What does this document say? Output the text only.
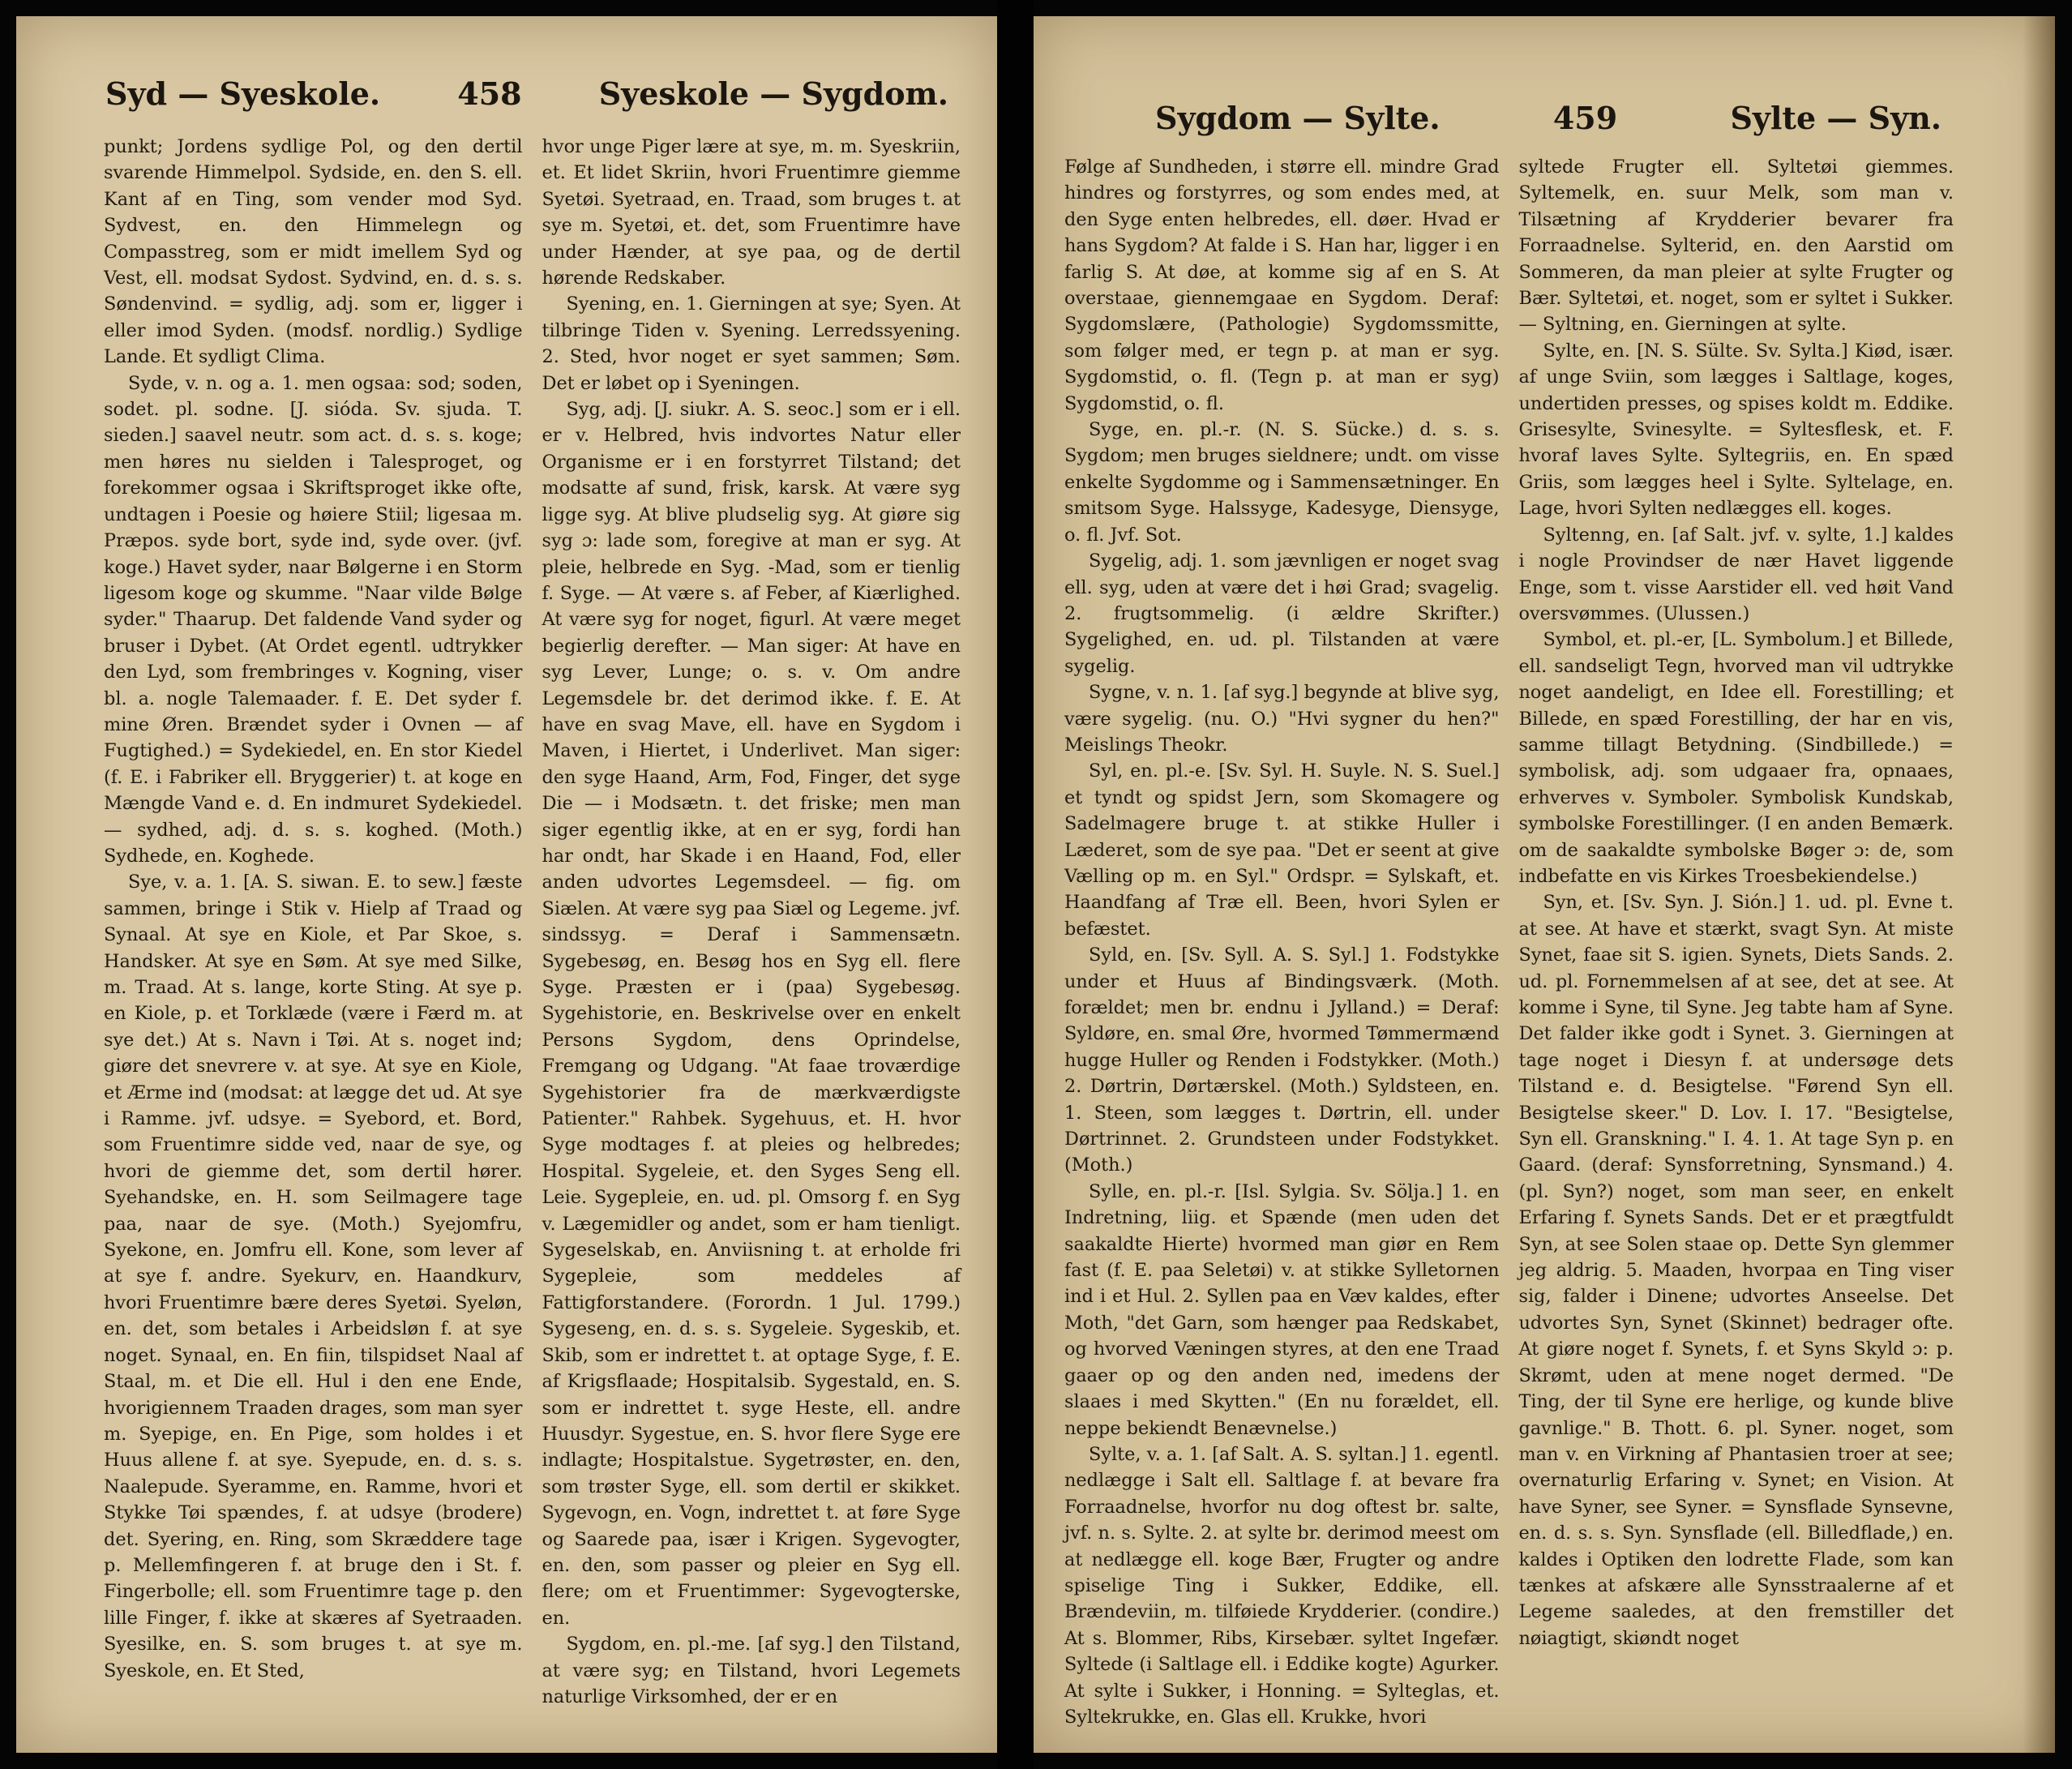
Syd — Syeskole.	458	Syeskole — Sygdom.

punkt; Jordens sydlige Pol, og den dertil svarende Himmelpol. Sydside, en. den S. ell. Kant af en Ting, som vender mod Syd. Sydvest, en. den Himmelegn og Compasstreg, som er midt imellem Syd og Vest, ell. modsat Sydost. Sydvind, en. d. s. s. Søndenvind. = sydlig, adj. som er, ligger i eller imod Syden. (modsf. nordlig.) Sydlige Lande. Et sydligt Clima.

Syde, v. n. og a. 1. men ogsaa: sod; soden, sodet. pl. sodne. [J. sióda. Sv. sjuda. T. sieden.] saavel neutr. som act. d. s. s. koge; men høres nu sielden i Talesproget, og forekommer ogsaa i Skriftsproget ikke ofte, undtagen i Poesie og høiere Stiil; ligesaa m. Præpos. syde bort, syde ind, syde over. (jvf. koge.) Havet syder, naar Bølgerne i en Storm ligesom koge og skumme. "Naar vilde Bølge syder." Thaarup. Det faldende Vand syder og bruser i Dybet. (At Ordet egentl. udtrykker den Lyd, som frembringes v. Kogning, viser bl. a. nogle Talemaader. f. E. Det syder f. mine Øren. Brændet syder i Ovnen — af Fugtighed.) = Sydekiedel, en. En stor Kiedel (f. E. i Fabriker ell. Bryggerier) t. at koge en Mængde Vand e. d. En indmuret Sydekiedel. — sydhed, adj. d. s. s. koghed. (Moth.) Sydhede, en. Koghede.

Sye, v. a. 1. [A. S. siwan. E. to sew.] fæste sammen, bringe i Stik v. Hielp af Traad og Synaal. At sye en Kiole, et Par Skoe, s. Handsker. At sye en Søm. At sye med Silke, m. Traad. At s. lange, korte Sting. At sye p. en Kiole, p. et Torklæde (være i Færd m. at sye det.) At s. Navn i Tøi. At s. noget ind; giøre det snevrere v. at sye. At sye en Kiole, et Ærme ind (modsat: at lægge det ud. At sye i Ramme. jvf. udsye. = Syebord, et. Bord, som Fruentimre sidde ved, naar de sye, og hvori de giemme det, som dertil hører. Syehandske, en. H. som Seilmagere tage paa, naar de sye. (Moth.) Syejomfru, Syekone, en. Jomfru ell. Kone, som lever af at sye f. andre. Syekurv, en. Haandkurv, hvori Fruentimre bære deres Syetøi. Syeløn, en. det, som betales i Arbeidsløn f. at sye noget. Synaal, en. En fiin, tilspidset Naal af Staal, m. et Die ell. Hul i den ene Ende, hvorigiennem Traaden drages, som man syer m. Syepige, en. En Pige, som holdes i et Huus allene f. at sye. Syepude, en. d. s. s. Naalepude. Syeramme, en. Ramme, hvori et Stykke Tøi spændes, f. at udsye (brodere) det. Syering, en. Ring, som Skræddere tage p. Mellemfingeren f. at bruge den i St. f. Fingerbolle; ell. som Fruentimre tage p. den lille Finger, f. ikke at skæres af Syetraaden. Syesilke, en. S. som bruges t. at sye m. Syeskole, en. Et Sted,

hvor unge Piger lære at sye, m. m. Syeskriin, et. Et lidet Skriin, hvori Fruentimre giemme Syetøi. Syetraad, en. Traad, som bruges t. at sye m. Syetøi, et. det, som Fruentimre have under Hænder, at sye paa, og de dertil hørende Redskaber.

Syening, en. 1. Gierningen at sye; Syen. At tilbringe Tiden v. Syening. Lerredssyening. 2. Sted, hvor noget er syet sammen; Søm. Det er løbet op i Syeningen.

Syg, adj. [J. siukr. A. S. seoc.] som er i ell. er v. Helbred, hvis indvortes Natur eller Organisme er i en forstyrret Tilstand; det modsatte af sund, frisk, karsk. At være syg ligge syg. At blive pludselig syg. At giøre sig syg ɔ: lade som, foregive at man er syg. At pleie, helbrede en Syg. -Mad, som er tienlig f. Syge. — At være s. af Feber, af Kiærlighed. At være syg for noget, figurl. At være meget begierlig derefter. — Man siger: At have en syg Lever, Lunge; o. s. v. Om andre Legemsdele br. det derimod ikke. f. E. At have en svag Mave, ell. have en Sygdom i Maven, i Hiertet, i Underlivet. Man siger: den syge Haand, Arm, Fod, Finger, det syge Die — i Modsætn. t. det friske; men man siger egentlig ikke, at en er syg, fordi han har ondt, har Skade i en Haand, Fod, eller anden udvortes Legemsdeel. — fig. om Siælen. At være syg paa Siæl og Legeme. jvf. sindssyg. = Deraf i Sammensætn. Sygebesøg, en. Besøg hos en Syg ell. flere Syge. Præsten er i (paa) Sygebesøg. Sygehistorie, en. Beskrivelse over en enkelt Persons Sygdom, dens Oprindelse, Fremgang og Udgang. "At faae troværdige Sygehistorier fra de mærkværdigste Patienter." Rahbek. Sygehuus, et. H. hvor Syge modtages f. at pleies og helbredes; Hospital. Sygeleie, et. den Syges Seng ell. Leie. Sygepleie, en. ud. pl. Omsorg f. en Syg v. Lægemidler og andet, som er ham tienligt. Sygeselskab, en. Anviisning t. at erholde fri Sygepleie, som meddeles af Fattigforstandere. (Forordn. 1 Jul. 1799.) Sygeseng, en. d. s. s. Sygeleie. Sygeskib, et. Skib, som er indrettet t. at optage Syge, f. E. af Krigsflaade; Hospitalsib. Sygestald, en. S. som er indrettet t. syge Heste, ell. andre Huusdyr. Sygestue, en. S. hvor flere Syge ere indlagte; Hospitalstue. Sygetrøster, en. den, som trøster Syge, ell. som dertil er skikket. Sygevogn, en. Vogn, indrettet t. at føre Syge og Saarede paa, især i Krigen. Sygevogter, en. den, som passer og pleier en Syg ell. flere; om et Fruentimmer: Sygevogterske, en.

Sygdom, en. pl.-me. [af syg.] den Tilstand, at være syg; en Tilstand, hvori Legemets naturlige Virksomhed, der er en

Sygdom — Sylte.	459	Sylte — Syn.

Følge af Sundheden, i større ell. mindre Grad hindres og forstyrres, og som endes med, at den Syge enten helbredes, ell. døer. Hvad er hans Sygdom? At falde i S. Han har, ligger i en farlig S. At døe, at komme sig af en S. At overstaae, giennemgaae en Sygdom. Deraf: Sygdomslære, (Pathologie) Sygdomssmitte, som følger med, er tegn p. at man er syg. Sygdomstid, o. fl. (Tegn p. at man er syg) Sygdomstid, o. fl.

Syge, en. pl.-r. (N. S. Sücke.) d. s. s. Sygdom; men bruges sieldnere; undt. om visse enkelte Sygdomme og i Sammensætninger. En smitsom Syge. Halssyge, Kadesyge, Diensyge, o. fl. Jvf. Sot.

Sygelig, adj. 1. som jævnligen er noget svag ell. syg, uden at være det i høi Grad; svagelig. 2. frugtsommelig. (i ældre Skrifter.) Sygelighed, en. ud. pl. Tilstanden at være sygelig.

Sygne, v. n. 1. [af syg.] begynde at blive syg, være sygelig. (nu. O.) "Hvi sygner du hen?" Meislings Theokr.

Syl, en. pl.-e. [Sv. Syl. H. Suyle. N. S. Suel.] et tyndt og spidst Jern, som Skomagere og Sadelmagere bruge t. at stikke Huller i Læderet, som de sye paa. "Det er seent at give Vælling op m. en Syl." Ordspr. = Sylskaft, et. Haandfang af Træ ell. Been, hvori Sylen er befæstet.

Syld, en. [Sv. Syll. A. S. Syl.] 1. Fodstykke under et Huus af Bindingsværk. (Moth. forældet; men br. endnu i Jylland.) = Deraf: Syldøre, en. smal Øre, hvormed Tømmermænd hugge Huller og Renden i Fodstykker. (Moth.) 2. Dørtrin, Dørtærskel. (Moth.) Syldsteen, en. 1. Steen, som lægges t. Dørtrin, ell. under Dørtrinnet. 2. Grundsteen under Fodstykket. (Moth.)

Sylle, en. pl.-r. [Isl. Sylgia. Sv. Sölja.] 1. en Indretning, liig. et Spænde (men uden det saakaldte Hierte) hvormed man giør en Rem fast (f. E. paa Seletøi) v. at stikke Sylletornen ind i et Hul. 2. Syllen paa en Væv kaldes, efter Moth, "det Garn, som hænger paa Redskabet, og hvorved Væningen styres, at den ene Traad gaaer op og den anden ned, imedens der slaaes i med Skytten." (En nu forældet, ell. neppe bekiendt Benævnelse.)

Sylte, v. a. 1. [af Salt. A. S. syltan.] 1. egentl. nedlægge i Salt ell. Saltlage f. at bevare fra Forraadnelse, hvorfor nu dog oftest br. salte, jvf. n. s. Sylte. 2. at sylte br. derimod meest om at nedlægge ell. koge Bær, Frugter og andre spiselige Ting i Sukker, Eddike, ell. Brændeviin, m. tilføiede Krydderier. (condire.) At s. Blommer, Ribs, Kirsebær. syltet Ingefær. Syltede (i Saltlage ell. i Eddike kogte) Agurker. At sylte i Sukker, i Honning. = Sylteglas, et. Syltekrukke, en. Glas ell. Krukke, hvori

syltede Frugter ell. Syltetøi giemmes. Syltemelk, en. suur Melk, som man v. Tilsætning af Krydderier bevarer fra Forraadnelse. Sylterid, en. den Aarstid om Sommeren, da man pleier at sylte Frugter og Bær. Syltetøi, et. noget, som er syltet i Sukker. — Syltning, en. Gierningen at sylte.

Sylte, en. [N. S. Sülte. Sv. Sylta.] Kiød, især. af unge Sviin, som lægges i Saltlage, koges, undertiden presses, og spises koldt m. Eddike. Grisesylte, Svinesylte. = Syltesflesk, et. F. hvoraf laves Sylte. Syltegriis, en. En spæd Griis, som lægges heel i Sylte. Syltelage, en. Lage, hvori Sylten nedlægges ell. koges.

Syltenng, en. [af Salt. jvf. v. sylte, 1.] kaldes i nogle Provindser de nær Havet liggende Enge, som t. visse Aarstider ell. ved høit Vand oversvømmes. (Ulussen.)

Symbol, et. pl.-er, [L. Symbolum.] et Billede, ell. sandseligt Tegn, hvorved man vil udtrykke noget aandeligt, en Idee ell. Forestilling; et Billede, en spæd Forestilling, der har en vis, samme tillagt Betydning. (Sindbillede.) = symbolisk, adj. som udgaaer fra, opnaaes, erhverves v. Symboler. Symbolisk Kundskab, symbolske Forestillinger. (I en anden Bemærk. om de saakaldte symbolske Bøger ɔ: de, som indbefatte en vis Kirkes Troesbekiendelse.)

Syn, et. [Sv. Syn. J. Sión.] 1. ud. pl. Evne t. at see. At have et stærkt, svagt Syn. At miste Synet, faae sit S. igien. Synets, Diets Sands. 2. ud. pl. Fornemmelsen af at see, det at see. At komme i Syne, til Syne. Jeg tabte ham af Syne. Det falder ikke godt i Synet. 3. Gierningen at tage noget i Diesyn f. at undersøge dets Tilstand e. d. Besigtelse. "Førend Syn ell. Besigtelse skeer." D. Lov. I. 17. "Besigtelse, Syn ell. Granskning." I. 4. 1. At tage Syn p. en Gaard. (deraf: Synsforretning, Synsmand.) 4. (pl. Syn?) noget, som man seer, en enkelt Erfaring f. Synets Sands. Det er et prægtfuldt Syn, at see Solen staae op. Dette Syn glemmer jeg aldrig. 5. Maaden, hvorpaa en Ting viser sig, falder i Dinene; udvortes Anseelse. Det udvortes Syn, Synet (Skinnet) bedrager ofte. At giøre noget f. Synets, f. et Syns Skyld ɔ: p. Skrømt, uden at mene noget dermed. "De Ting, der til Syne ere herlige, og kunde blive gavnlige." B. Thott. 6. pl. Syner. noget, som man v. en Virkning af Phantasien troer at see; overnaturlig Erfaring v. Synet; en Vision. At have Syner, see Syner. = Synsflade Synsevne, en. d. s. s. Syn. Synsflade (ell. Billedflade,) en. kaldes i Optiken den lodrette Flade, som kan tænkes at afskære alle Synsstraalerne af et Legeme saaledes, at den fremstiller det nøiagtigt, skiøndt noget
